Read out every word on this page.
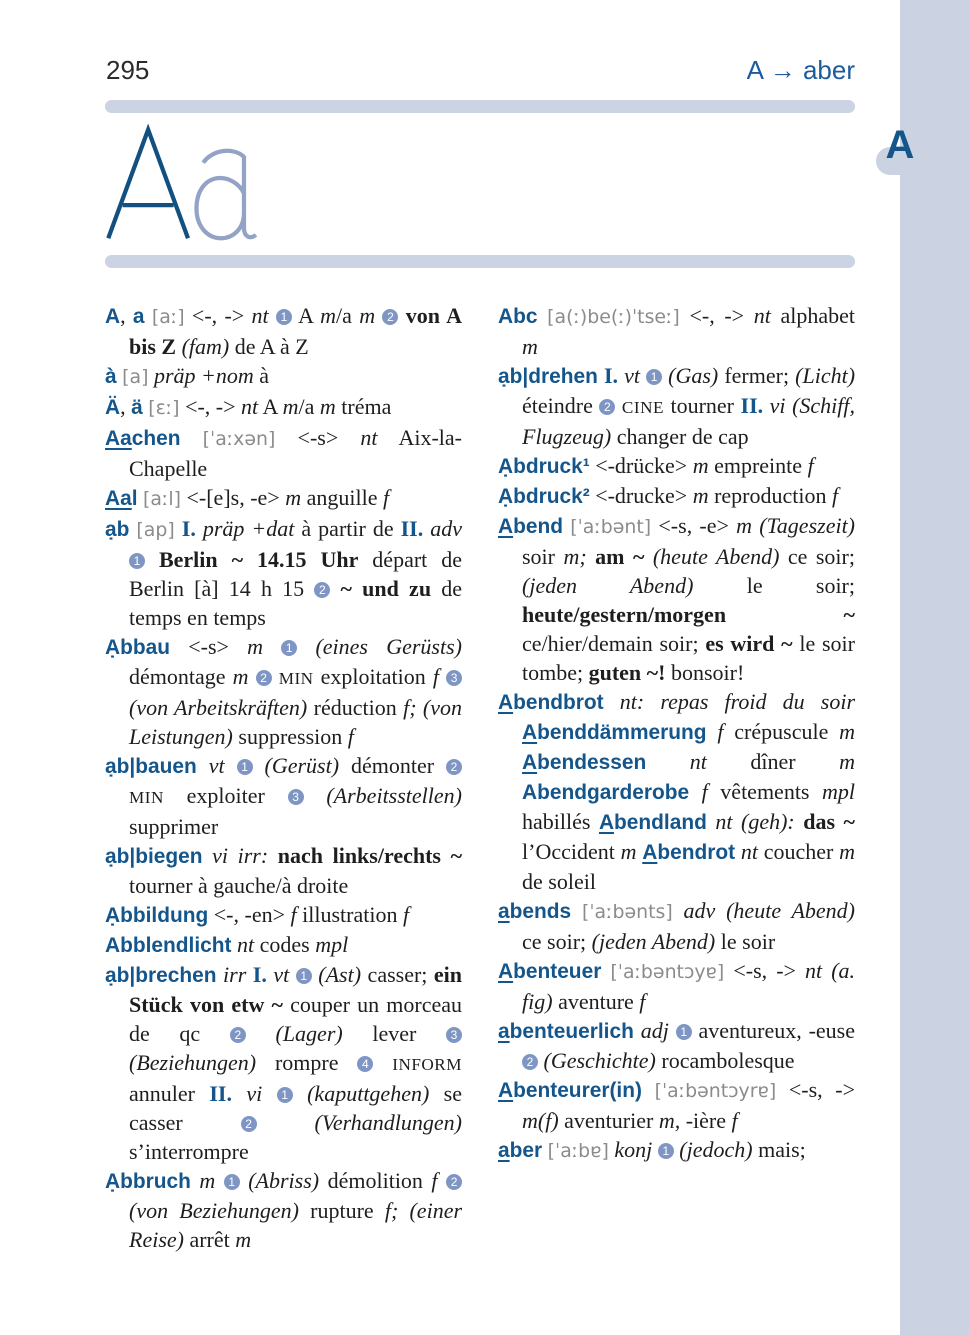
295	A → aber

A, a [aː] <-, -> nt 1 A m/a m 2 von A bis Z (fam) de A à Z

à [a] präp +nom à

Ä, ä [ɛː] <-, -> nt A m/a m tréma

Aachen [ˈaːxən] <-s> nt Aix-la-Chapelle

Aal [aːl] <-[e]s, -e> m anguille f

ạb [ap] I. präp +dat à partir de II. adv 1 Berlin ~ 14.15 Uhr départ de Berlin [à] 14 h 15 2 ~ und zu de temps en temps

Ạbbau <-s> m 1 (eines Gerüsts) démontage m 2 MIN exploitation f 3 (von Arbeitskräften) réduction f; (von Leistungen) suppression f

ạb|bauen vt 1 (Gerüst) démonter 2 MIN exploiter 3 (Arbeitsstellen) supprimer

ạb|biegen vi irr: nach links/rechts ~ tourner à gauche/à droite

Ạbbildung <-, -en> f illustration f

Abblendlicht nt codes mpl

ạb|brechen irr I. vt 1 (Ast) casser; ein Stück von etw ~ couper un morceau de qc 2 (Lager) lever 3 (Beziehungen) rompre 4 INFORM annuler II. vi 1 (kaputtgehen) se casser 2	(Verhandlungen) s’interrompre

Ạbbruch m 1 (Abriss) démolition f 2 (von Beziehungen) rupture f; (einer Reise) arrêt m

Abc [a(ː)be(ː)ˈtseː] <-, -> nt alphabet m

ạb|drehen I. vt 1 (Gas) fermer; (Licht) éteindre 2 CINE tourner II. vi (Schiff, Flugzeug) changer de cap

Ạbdruck¹ <-drücke> m empreinte f

Ạbdruck² <-drucke> m reproduction f

Abend [ˈaːbənt] <-s, -e> m (Tageszeit) soir m; am ~ (heute Abend) ce soir; (jeden Abend) le soir; heute/gestern/morgen ~ ce/hier/demain soir; es wird ~ le soir tombe; guten ~! bonsoir!

Abendbrot nt: repas froid du soir Abenddämmerung f crépuscule m Abendessen nt dîner m Abendgarderobe f vêtements mpl habillés Abendland nt (geh): das ~ l’Occident m Abendrot nt coucher m de soleil

abends [ˈaːbənts] adv (heute Abend) ce soir; (jeden Abend) le soir

Abenteuer [ˈaːbəntɔyɐ] <-s, -> nt (a. fig) aventure f

abenteuerlich adj 1 aventureux, -euse 2 (Geschichte) rocambolesque

Abenteurer(in) [ˈaːbəntɔyrɐ] <-s, -> m(f) aventurier m, -ière f

aber [ˈaːbɐ] konj 1 (jedoch) mais;

A
